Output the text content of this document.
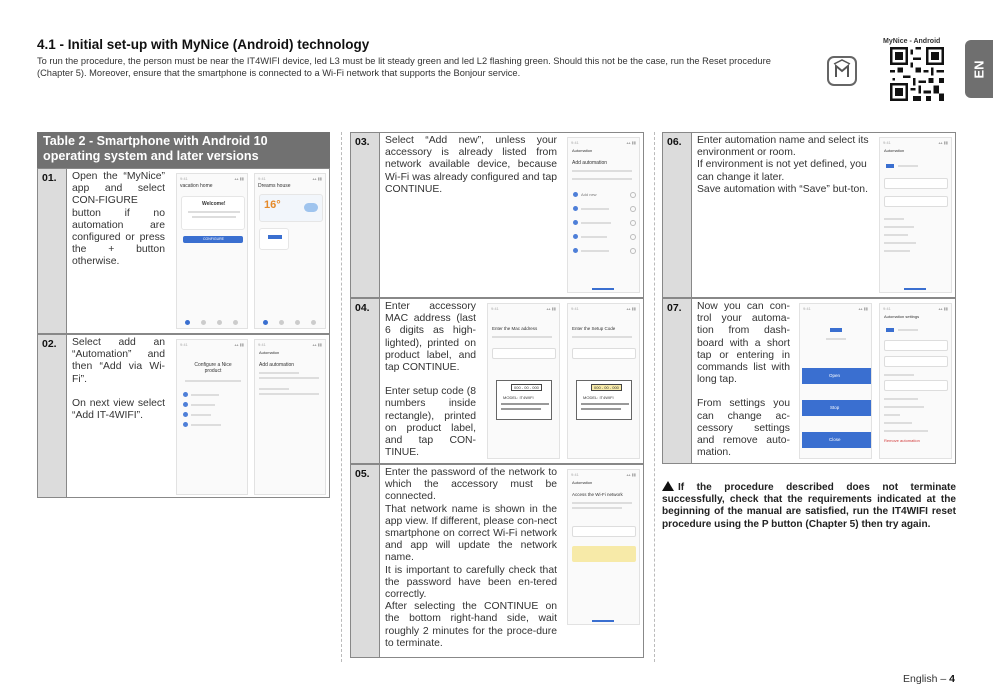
4.1 - Initial set-up with MyNice (Android) technology
To run the procedure, the person must be near the IT4WIFI device, led L3 must be lit steady green and led L2 flashing green. Should this not be the case, run the Reset procedure (Chapter 5). Moreover, ensure that the smartphone is connected to a Wi-Fi network that supports the Bonjour service.
MyNice - Android
EN
Table 2 - Smartphone with Android 10 operating system and later versions
01.	Open the “MyNice” app and select CON-FIGURE button if no automation are configured or press the + button otherwise.

9:41	▴▴ ▮▮
vacation home
Welcome!
CONFIGURE
9:41	▴▴ ▮▮
Dreams house
16°
02.	Select add an “Automation” and then “Add via Wi-Fi”.

On next view select “Add IT-4WIFI”.

9:41	▴▴ ▮▮
Configure a Nice product
9:41	▴▴ ▮▮
Automation
Add automation
03.	Select “Add new”, unless your accessory is already listed from network available device, because Wi-Fi was already configured and tap CONTINUE.

9:41	▴▴ ▮▮
Automation
Add automation
Add new
04.	Enter accessory MAC address (last 6 digits as high-lighted), printed on product label, and tap CONTINUE.

Enter setup code (8 numbers inside rectangle), printed on product label, and tap CON-TINUE.

9:41	▴▴ ▮▮
Enter the Mac address
000 - 00 - 000
MODEL: IT4WIFI
9:41	▴▴ ▮▮
Enter the Setup Code
000 - 00 - 000
MODEL: IT4WIFI
05.	Enter the password of the network to which the accessory must be connected.

That network name is shown in the app view. If different, please con-nect smartphone on correct Wi-Fi network and app will update the network name.

It is important to carefully check that the password have been en-tered correctly.

After selecting the CONTINUE on the bottom right-hand side, wait roughly 2 minutes for the proce-dure to terminate.

9:41	▴▴ ▮▮
Automation
Access the Wi-Fi network
06.	Enter automation name and select its environment or room.

If environment is not yet defined, you can change it later.

Save automation with “Save” but-ton.

9:41	▴▴ ▮▮
Automation
07.	Now you can con-trol your automa-tion from dash-board with a short tap or entering in commands list with long tap.

From settings you can change ac-cessory settings and remove auto-mation.

9:41	▴▴ ▮▮
Open
Stop
Close
9:41	▴▴ ▮▮
Automation settings
Remove automation
If the procedure described does not terminate successfully, check that the requirements indicated at the beginning of the manual are satisfied, run the IT4WIFI reset procedure using the P button (Chapter 5) then try again.
English – 4
